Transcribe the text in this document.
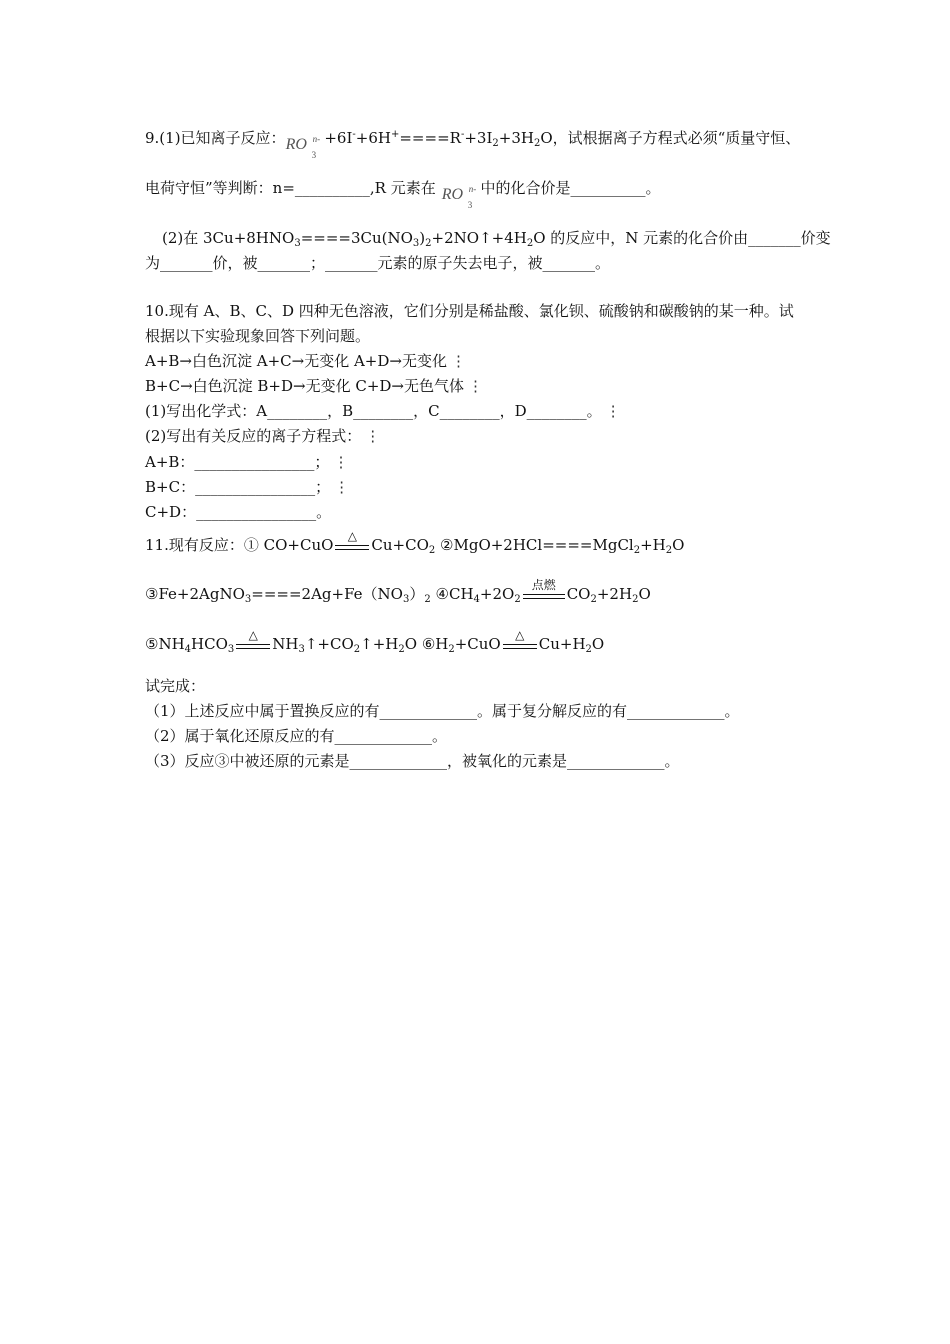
9.(1)已知离子反应： RO n-
3
$+6I^-+6H^+====R^-+3I_2+3H_2O$，试根据离子方程式必须“质量守恒、
电荷守恒”等判断：n=__________,R 元素在 RO n-
3
中的化合价是__________。
(2)在 $3Cu+8HNO_3====3Cu(NO_3)_2+2NO↑+4H_2O$ 的反应中，N 元素的化合价由_______价变
为_______价，被_______；_______元素的原子失去电子，被_______。
10.现有 A、B、C、D 四种无色溶液，它们分别是稀盐酸、氯化钡、硫酸钠和碳酸钠的某一种。试
根据以下实验现象回答下列问题。
A+B→白色沉淀 A+C→无变化 A+D→无变化 ⋮
B+C→白色沉淀 B+D→无变化 C+D→无色气体 ⋮
(1)写出化学式：A________，B________，C________，D________。 ⋮
(2)写出有关反应的离子方程式： ⋮
A+B：________________； ⋮
B+C：________________； ⋮
C+D：________________。
11.现有反应：① CO+CuO	△ $Cu+CO_2$ $②MgO+2HCl====MgCl_2+H_2O$
$③Fe+2AgNO_3====2Ag+Fe(NO_3)_2$ $④CH_4+2O_2$
点燃 $CO_2+2H_2O$
$⑤NH_4HCO_3$
△ $NH_3↑+CO_2↑+H_2O$ $⑥H_2+CuO$	△ $Cu+H_2O$
试完成：
（1）上述反应中属于置换反应的有_____________。属于复分解反应的有_____________。
（2）属于氧化还原反应的有_____________。
（3）反应③中被还原的元素是_____________，被氧化的元素是_____________。
